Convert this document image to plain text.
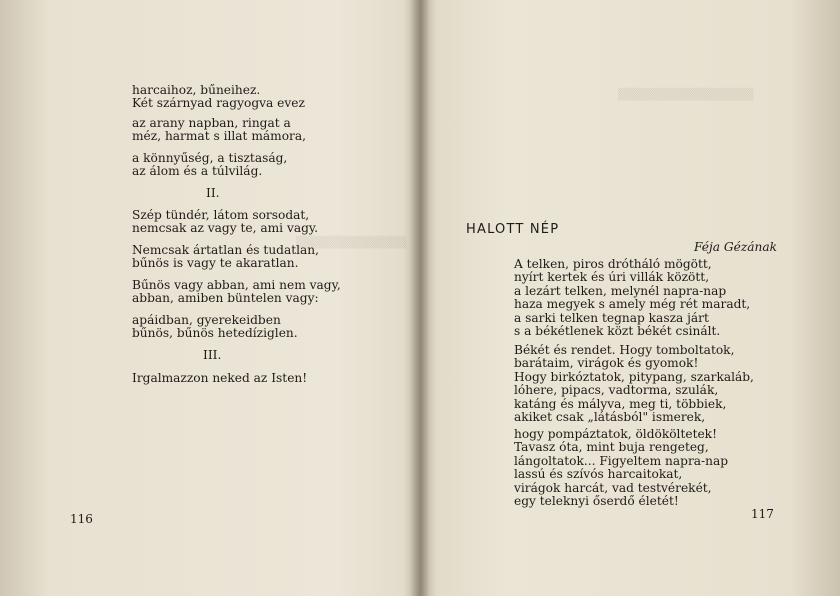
▒▒▒▒▒▒▒▒▒▒▒▒▒
harcaihoz, bűneihez.
Két szárnyad ragyogva evez
az arany napban, ringat a
méz, harmat s illat mámora,
a könnyűség, a tisztaság,
az álom és a túlvilág.
II.
Szép tündér, látom sorsodat,
nemcsak az vagy te, ami vagy.
Nemcsak ártatlan és tudatlan,
bűnös is vagy te akaratlan.
Bűnös vagy abban, ami nem vagy,
abban, amiben büntelen vagy:
apáidban, gyerekeidben
bűnös, bűnös hetedíziglen.
III.
Irgalmazzon neked az Isten!
116
▒▒▒▒▒▒▒▒▒▒▒▒▒▒▒▒
HALOTT NÉP
Féja Gézának
A telken, piros drótháló mögött,
nyírt kertek és úri villák között,
a lezárt telken, melynél napra-nap
haza megyek s amely még rét maradt,
a sarki telken tegnap kasza járt
s a békétlenek közt békét csinált.
Békét és rendet. Hogy tomboltatok,
barátaim, virágok és gyomok!
Hogy birkóztatok, pitypang, szarkaláb,
lóhere, pipacs, vadtorma, szulák,
katáng és mályva, meg ti, többiek,
akiket csak „látásból" ismerek,
hogy pompáztatok, öldököltetek!
Tavasz óta, mint buja rengeteg,
lángoltatok... Figyeltem napra-nap
lassú és szívós harcaitokat,
virágok harcát, vad testvérekét,
egy teleknyi őserdő életét!
117
